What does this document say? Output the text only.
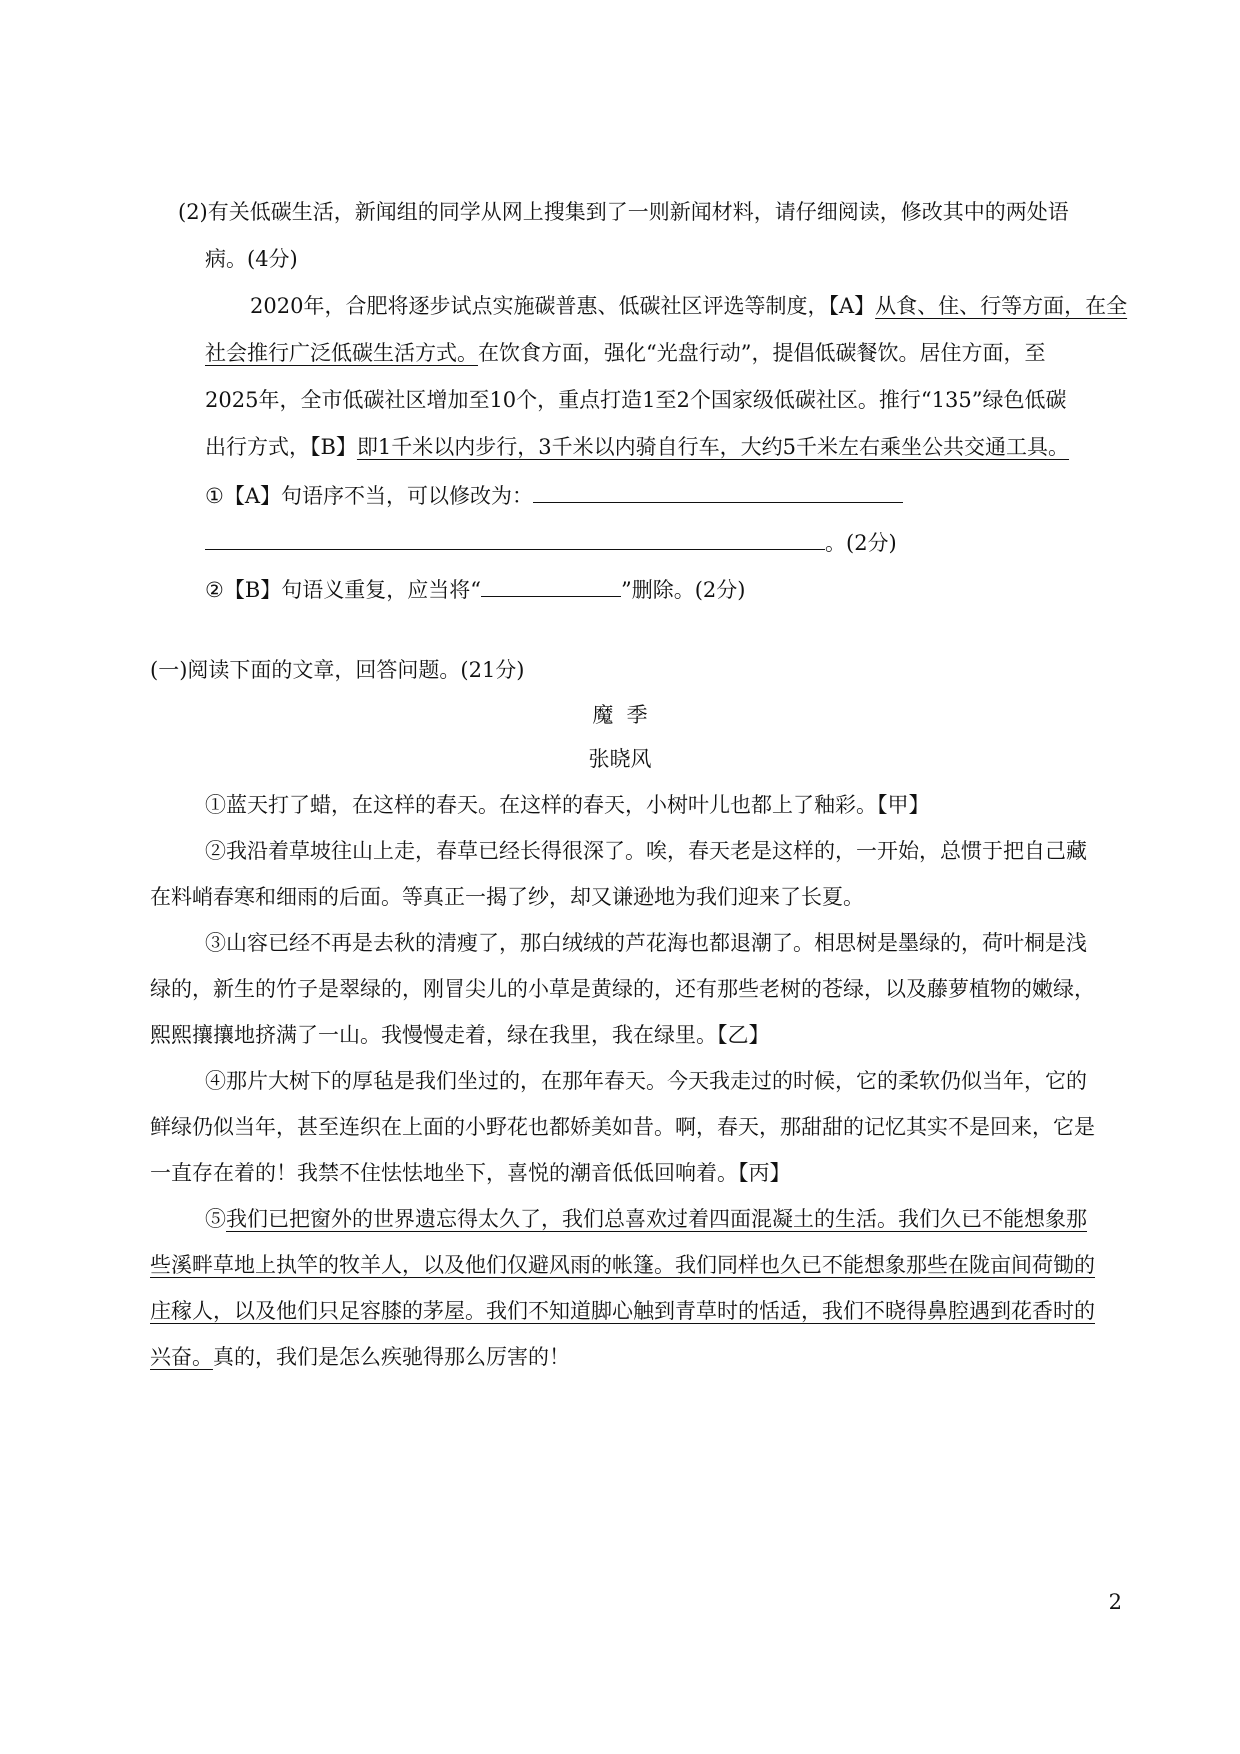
(2)有关低碳生活，新闻组的同学从网上搜集到了一则新闻材料，请仔细阅读，修改其中的两处语
病。(4分)
2020年，合肥将逐步试点实施碳普惠、低碳社区评选等制度，【A】从食、住、行等方面，在全
社会推行广泛低碳生活方式。在饮食方面，强化“光盘行动”，提倡低碳餐饮。居住方面，至
2025年，全市低碳社区增加至10个，重点打造1至2个国家级低碳社区。推行“135”绿色低碳
出行方式，【B】即1千米以内步行，3千米以内骑自行车，大约5千米左右乘坐公共交通工具。
①【A】句语序不当，可以修改为：
。(2分)
②【B】句语义重复，应当将“	”删除。(2分)
(一)阅读下面的文章，回答问题。(21分)
魔  季
张晓风
①蓝天打了蜡，在这样的春天。在这样的春天，小树叶儿也都上了釉彩。【甲】
②我沿着草坡往山上走，春草已经长得很深了。唉，春天老是这样的，一开始，总惯于把自己藏
在料峭春寒和细雨的后面。等真正一揭了纱，却又谦逊地为我们迎来了长夏。
③山容已经不再是去秋的清瘦了，那白绒绒的芦花海也都退潮了。相思树是墨绿的，荷叶桐是浅
绿的，新生的竹子是翠绿的，刚冒尖儿的小草是黄绿的，还有那些老树的苍绿，以及藤萝植物的嫩绿，
熙熙攘攘地挤满了一山。我慢慢走着，绿在我里，我在绿里。【乙】
④那片大树下的厚毡是我们坐过的，在那年春天。今天我走过的时候，它的柔软仍似当年，它的
鲜绿仍似当年，甚至连织在上面的小野花也都娇美如昔。啊，春天，那甜甜的记忆其实不是回来，它是
一直存在着的！我禁不住怯怯地坐下，喜悦的潮音低低回响着。【丙】
⑤我们已把窗外的世界遗忘得太久了，我们总喜欢过着四面混凝土的生活。我们久已不能想象那
些溪畔草地上执竿的牧羊人，以及他们仅避风雨的帐篷。我们同样也久已不能想象那些在陇亩间荷锄的
庄稼人，以及他们只足容膝的茅屋。我们不知道脚心触到青草时的恬适，我们不晓得鼻腔遇到花香时的
兴奋。真的，我们是怎么疾驰得那么厉害的！
2
